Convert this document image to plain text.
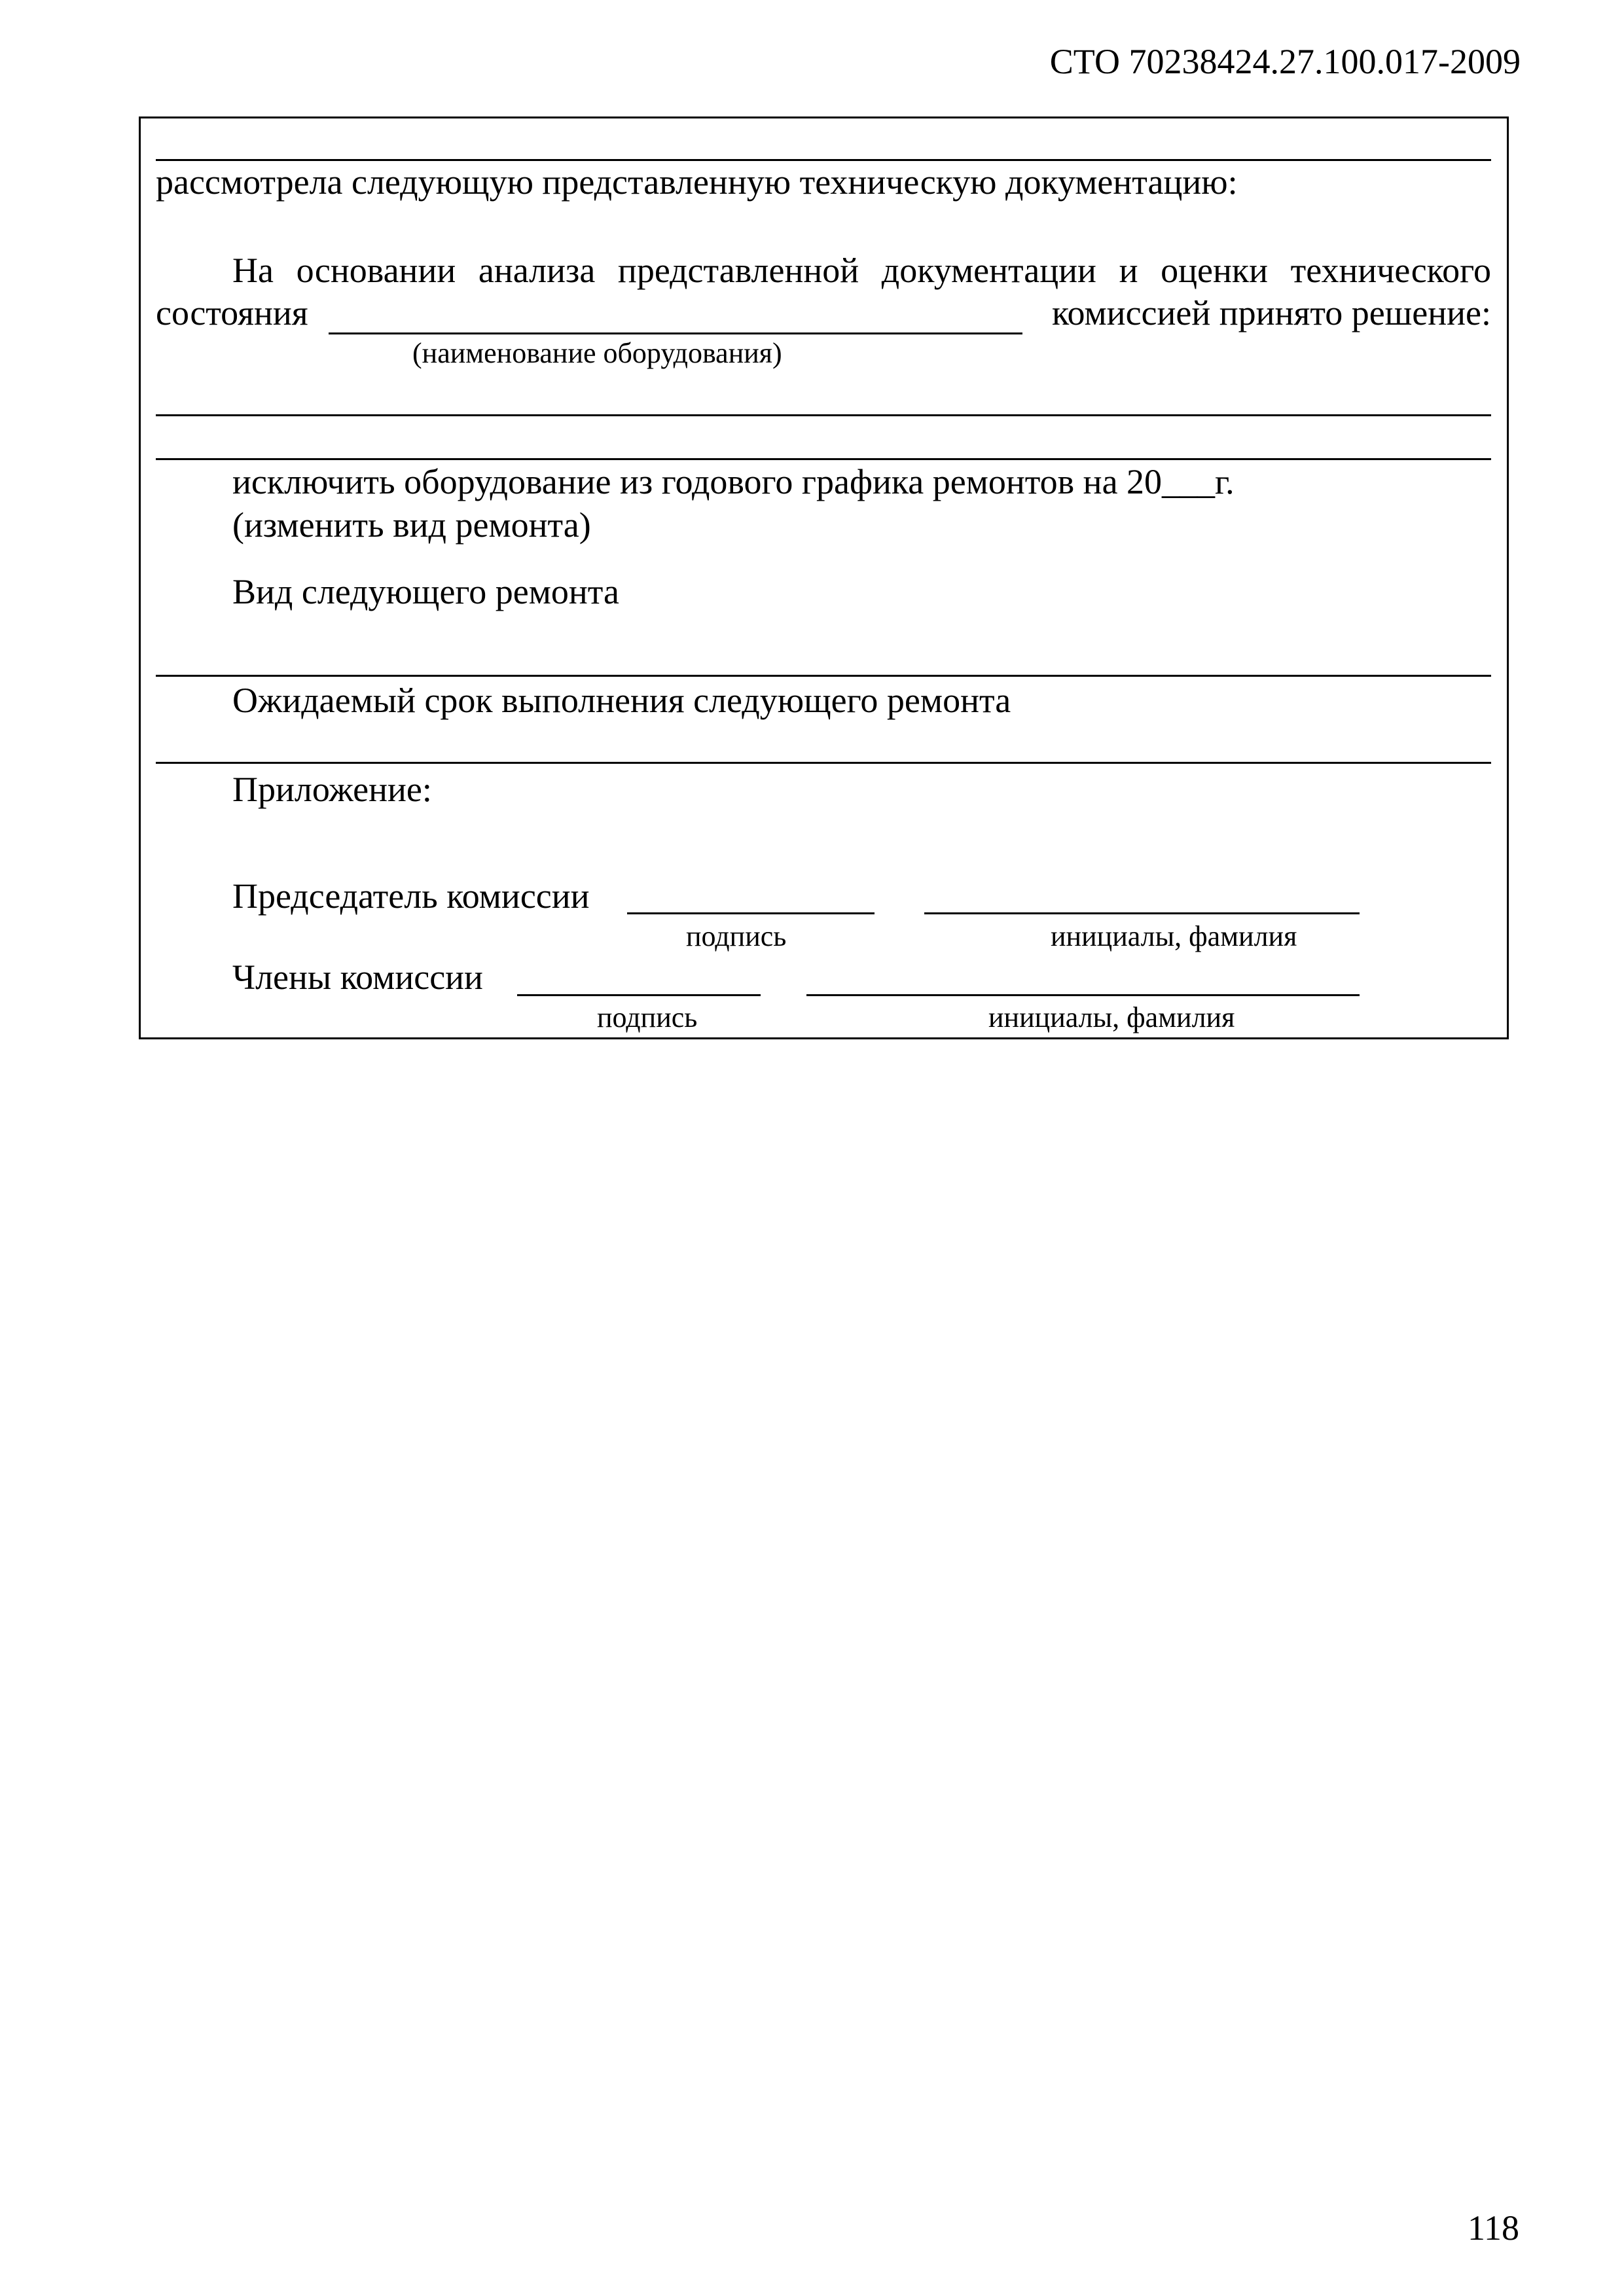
СТО 70238424.27.100.017-2009
рассмотрела следующую представленную техническую документацию:
На основании анализа представленной документации и оценки технического
состояния	комиссией принято решение:
(наименование оборудования)
исключить оборудование из годового графика ремонтов на 20___г.
(изменить вид ремонта)
Вид следующего ремонта
Ожидаемый срок выполнения следующего ремонта
Приложение:
Председатель комиссии
подпись	инициалы, фамилия
Члены комиссии
подпись	инициалы, фамилия
118
